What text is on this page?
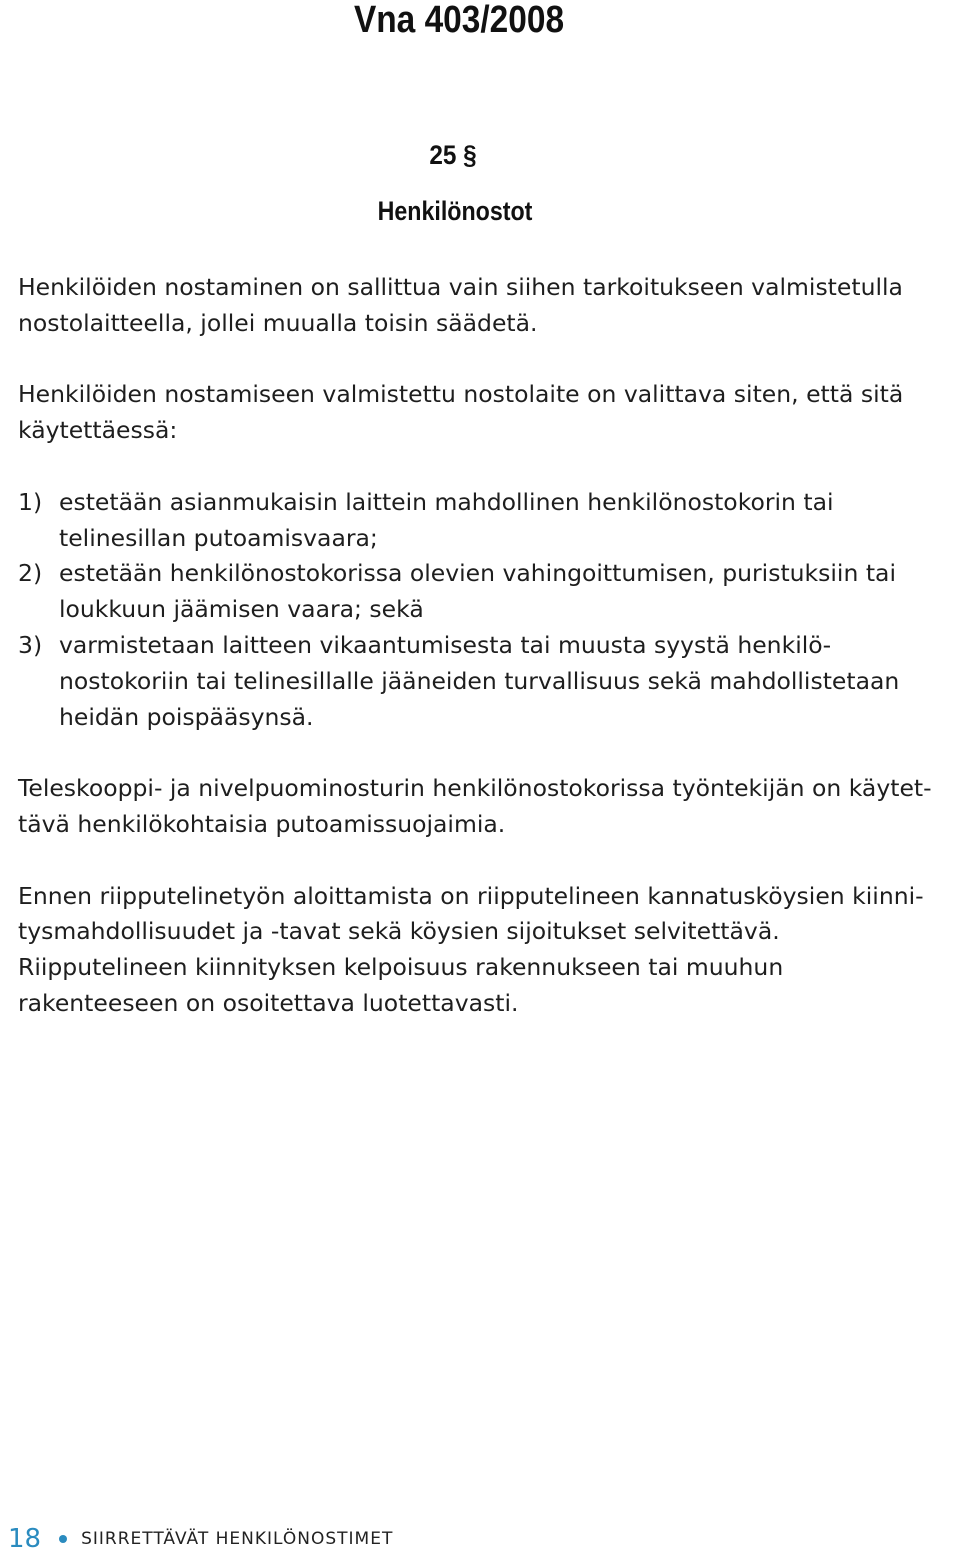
Vna 403/2008
25 §
Henkilönostot

Henkilöiden nostaminen on sallittua vain siihen tarkoitukseen valmistetulla nostolaitteella, jollei muualla toisin säädetä.

Henkilöiden nostamiseen valmistettu nostolaite on valittava siten, että sitä käytettäessä:

1) estetään asianmukaisin laittein mahdollinen henkilönostokorin tai telinesillan putoamisvaara;
2) estetään henkilönostokorissa olevien vahingoittumisen, puristuksiin tai loukkuun jäämisen vaara; sekä
3) varmistetaan laitteen vikaantumisesta tai muusta syystä henkilönostokoriin tai telinesillalle jääneiden turvallisuus sekä mahdollistetaan heidän poispääsynsä.

Teleskooppi- ja nivelpuominosturin henkilönostokorissa työntekijän on käytettävä henkilökohtaisia putoamissuojaimia.

Ennen riipputelinetyön aloittamista on riipputelineen kannatusköysien kiinnitysmahdollisuudet ja -tavat sekä köysien sijoitukset selvitettävä. Riipputelineen kiinnityksen kelpoisuus rakennukseen tai muuhun rakenteeseen on osoitettava luotettavasti.

18 SIIRRETTÄVÄT HENKILÖNOSTIMET
